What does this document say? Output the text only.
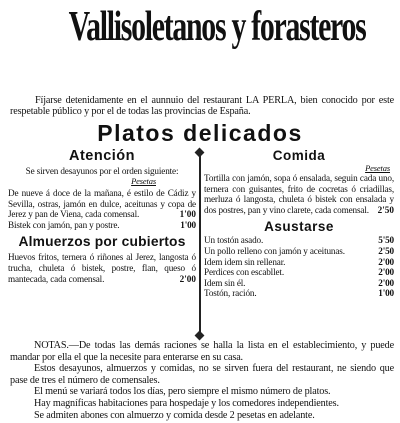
Vallisoletanos y forasteros
Fíjarse detenidamente en el aunnuio del restaurant LA PERLA, bien conocido por este respetable público y por el de todas las provincias de España.
Platos delicados
Atención
Se sirven desayunos por el orden siguiente:
Pesetas

De nueve á doce de la mañana, é estilo de Cádiz y Sevilla, ostras, jamón en dulce, aceitunas y copa de Jerez y pan de Viena, cada comensal.	1'00

Bistek con jamón, pan y postre.	1'00
Almuerzos por cubiertos

Huevos fritos, ternera ó riñones al Jerez, langosta ó trucha, chuleta ó bistek, postre, flan, queso ó mantecada, cada comensal.	2'00

Comida
Pesetas

Tortilla con jamón, sopa ó ensalada, seguin cada uno, ternera con guisantes, frito de cocretas ó criadillas, merluza ó langosta, chuleta ó bistek con ensalada y dos postres, pan y vino clarete, cada comensal. 2'50

Asustarse
Un tostón asado.	5'50
Un pollo relleno con jamón y aceitunas.	2'50
Idem idem sin rellenar.	2'00
Perdices con escabllet.	2'00
Idem sin él.	2'00
Tostón, ración.	1'00

NOTAS.—De todas las demás raciones se halla la lista en el establecimiento, y puede mandar por ella el que la necesite para enterarse en su casa.

Estos desayunos, almuerzos y comidas, no se sirven fuera del restaurant, ne siendo que pase de tres el número de comensales.

El menú se variará todos los días, pero siempre el mismo número de platos.

Hay magníficas habitaciones para hospedaje y los comedores independientes.

Se admiten abones con almuerzo y comida desde 2 pesetas en adelante.
